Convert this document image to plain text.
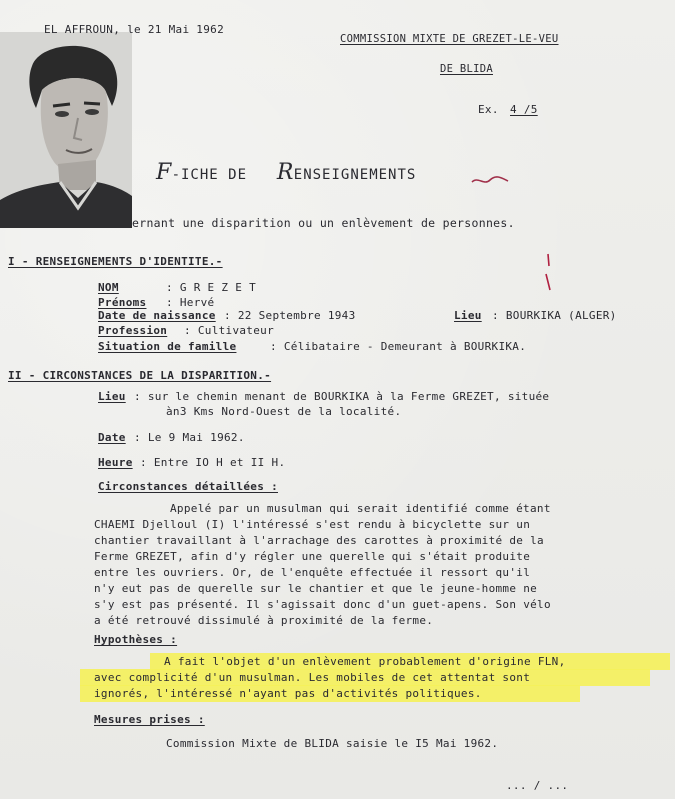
EL AFFROUN, le 21 Mai 1962
COMMISSION MIXTE DE GREZET-LE-VEU
DE BLIDA
Ex. 4 /5
F-ICHE DE RENSEIGNEMENTS
ernant une disparition ou un enlèvement de personnes.
I - RENSEIGNEMENTS D'IDENTITE.-
NOM	: G R E Z E T
Prénoms : Hervé
Date de naissance : 22 Septembre 1943	Lieu : BOURKIKA (ALGER)
Profession : Cultivateur
Situation de famille	: Célibataire - Demeurant à BOURKIKA.
II - CIRCONSTANCES DE LA DISPARITION.-
Lieu : sur le chemin menant de BOURKIKA à la Ferme GREZET, située
àn3 Kms Nord-Ouest de la localité.
Date : Le 9 Mai 1962.
Heure : Entre IO H et II H.
Circonstances détaillées :
Appelé par un musulman qui serait identifié comme étant
CHAEMI Djelloul (I) l'intéressé s'est rendu à bicyclette sur un
chantier travaillant à l'arrachage des carottes à proximité de la
Ferme GREZET, afin d'y régler une querelle qui s'était produite
entre les ouvriers. Or, de l'enquête effectuée il ressort qu'il
n'y eut pas de querelle sur le chantier et que le jeune-homme ne
s'y est pas présenté. Il s'agissait donc d'un guet-apens. Son vélo
a été retrouvé dissimulé à proximité de la ferme.
Hypothèses :
A fait l'objet d'un enlèvement probablement d'origine FLN,
avec complicité d'un musulman. Les mobiles de cet attentat sont
ignorés, l'intéressé n'ayant pas d'activités politiques.
Mesures prises :
Commission Mixte de BLIDA saisie le I5 Mai 1962.
... / ...
